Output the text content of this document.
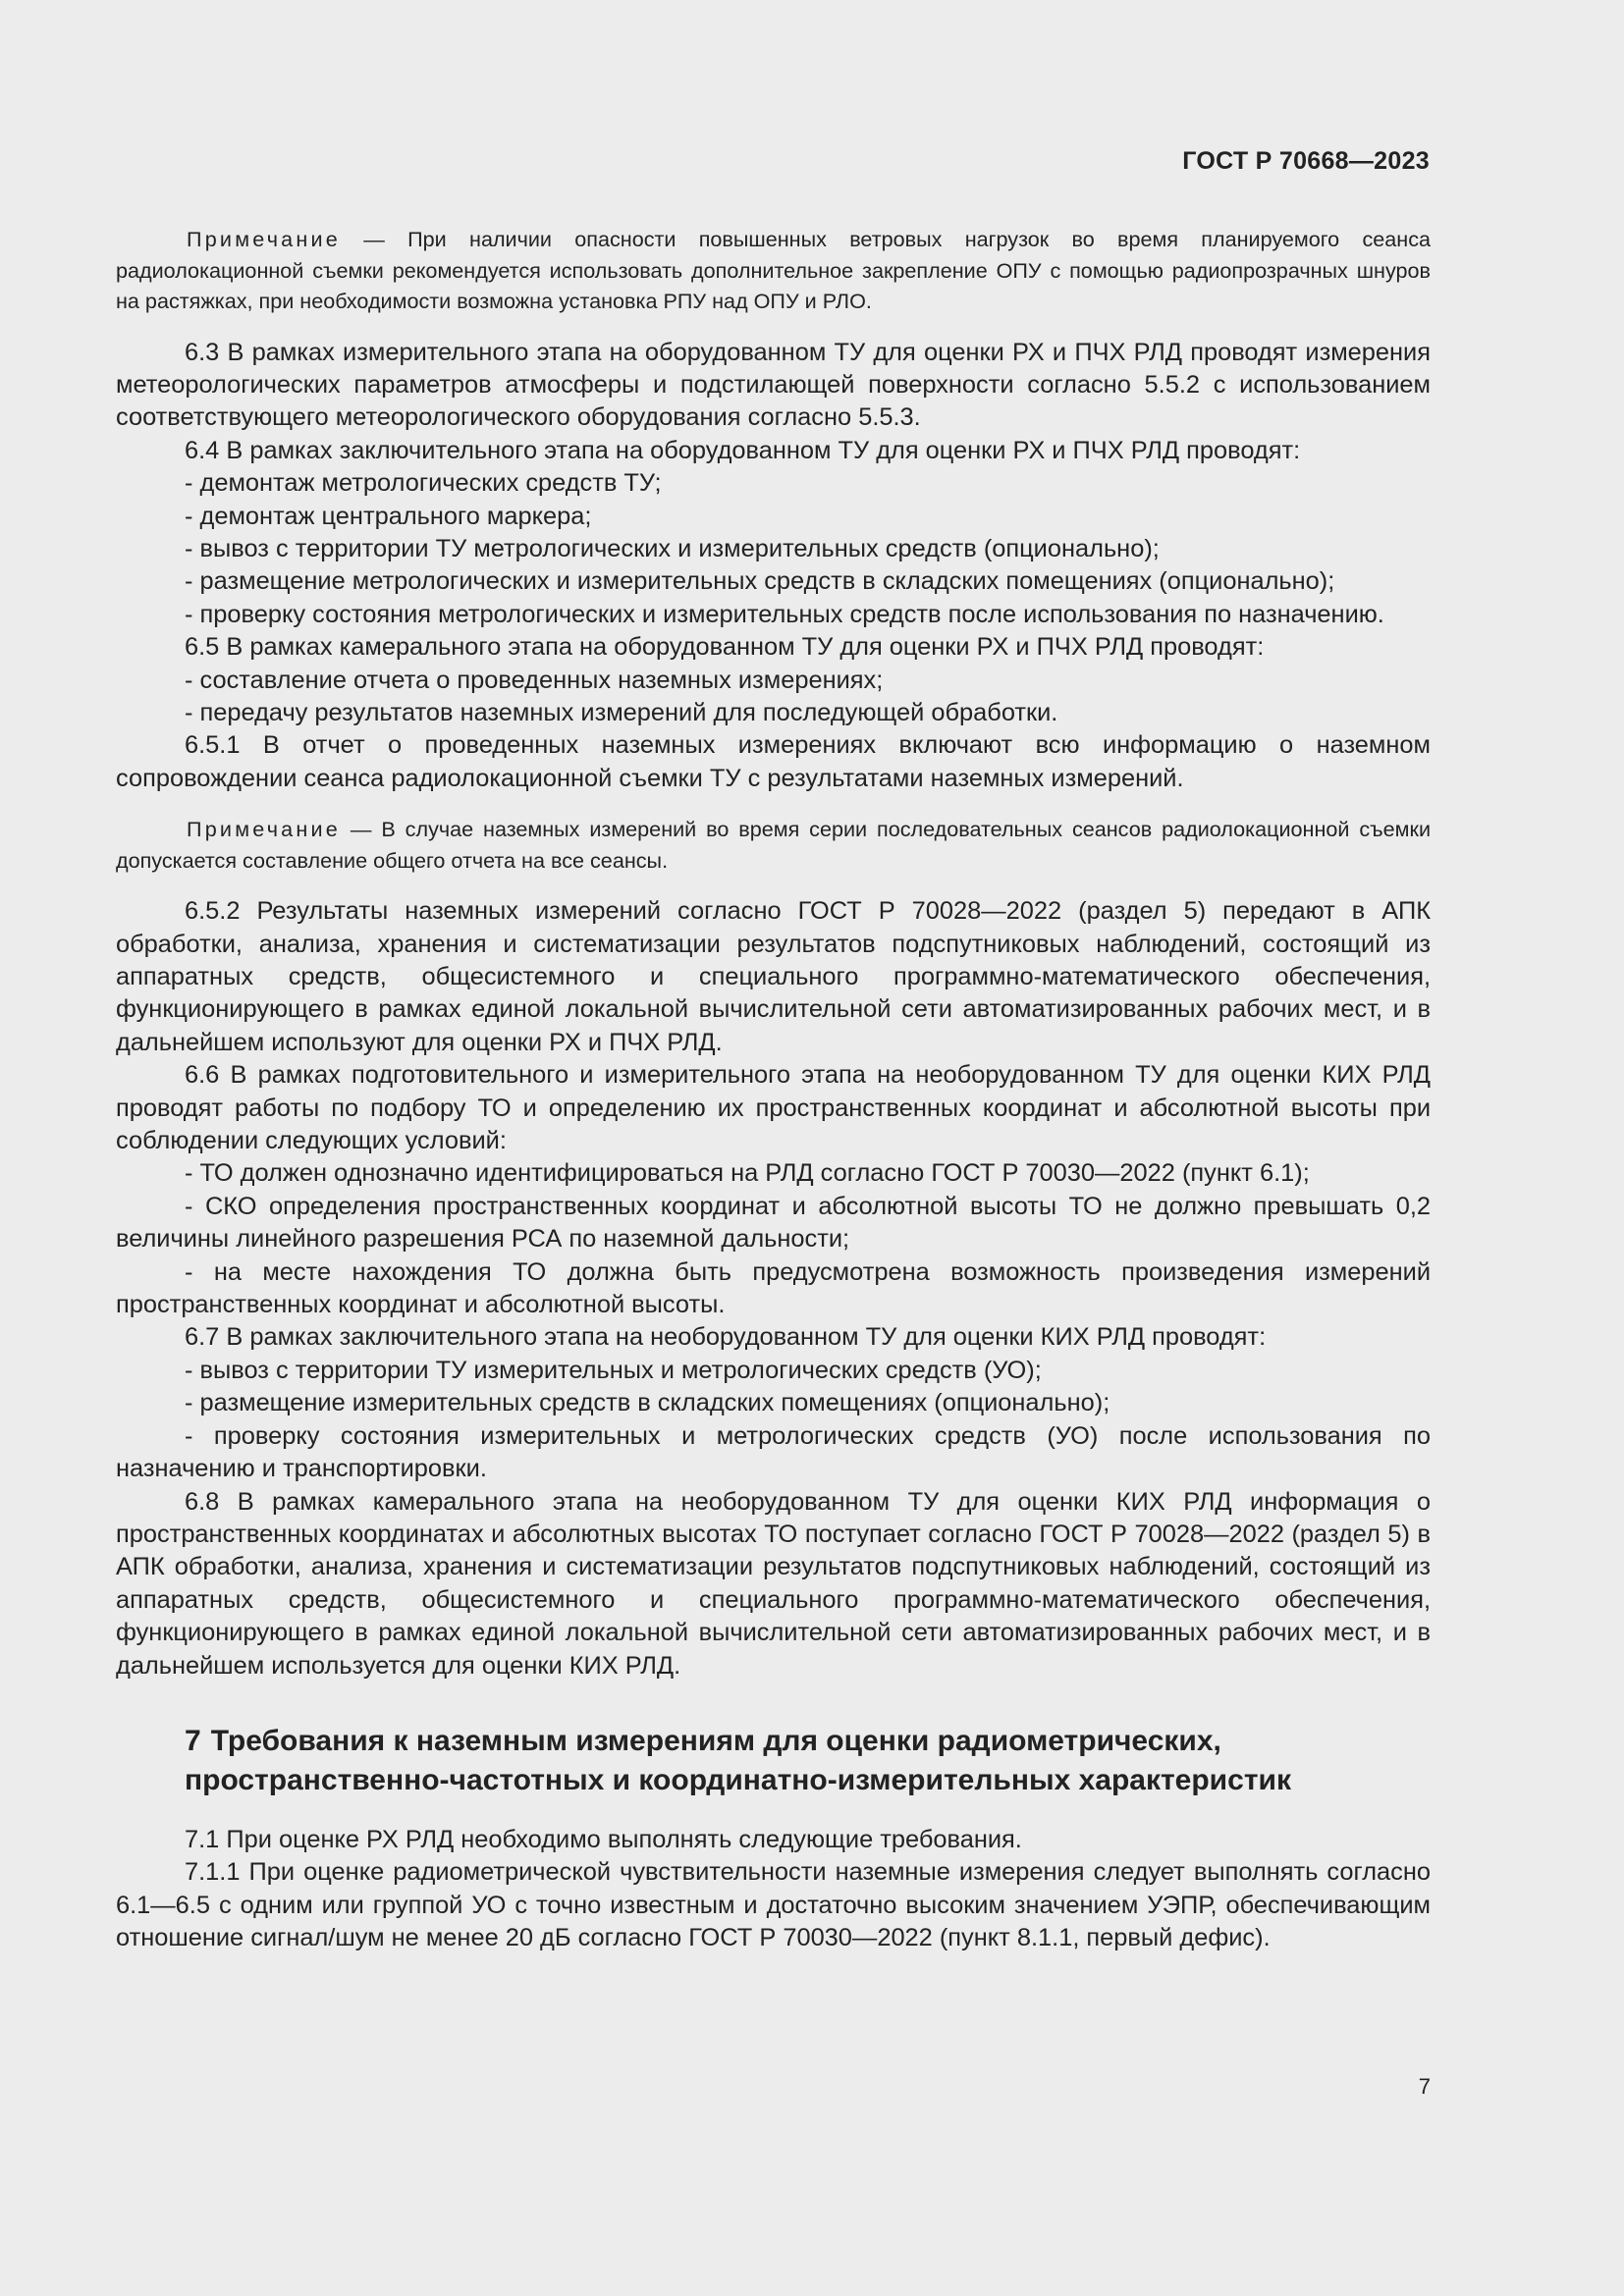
ГОСТ Р 70668—2023

Примечание — При наличии опасности повышенных ветровых нагрузок во время планируемого сеанса радиолокационной съемки рекомендуется использовать дополнительное закрепление ОПУ с помощью радиопрозрачных шнуров на растяжках, при необходимости возможна установка РПУ над ОПУ и РЛО.

6.3 В рамках измерительного этапа на оборудованном ТУ для оценки РХ и ПЧХ РЛД проводят измерения метеорологических параметров атмосферы и подстилающей поверхности согласно 5.5.2 с использованием соответствующего метеорологического оборудования согласно 5.5.3.

6.4 В рамках заключительного этапа на оборудованном ТУ для оценки РХ и ПЧХ РЛД проводят:

- демонтаж метрологических средств ТУ;

- демонтаж центрального маркера;

- вывоз с территории ТУ метрологических и измерительных средств (опционально);

- размещение метрологических и измерительных средств в складских помещениях (опционально);

- проверку состояния метрологических и измерительных средств после использования по назначению.

6.5 В рамках камерального этапа на оборудованном ТУ для оценки РХ и ПЧХ РЛД проводят:

- составление отчета о проведенных наземных измерениях;

- передачу результатов наземных измерений для последующей обработки.

6.5.1 В отчет о проведенных наземных измерениях включают всю информацию о наземном сопровождении сеанса радиолокационной съемки ТУ с результатами наземных измерений.

Примечание — В случае наземных измерений во время серии последовательных сеансов радиолокационной съемки допускается составление общего отчета на все сеансы.

6.5.2 Результаты наземных измерений согласно ГОСТ Р 70028—2022 (раздел 5) передают в АПК обработки, анализа, хранения и систематизации результатов подспутниковых наблюдений, состоящий из аппаратных средств, общесистемного и специального программно-математического обеспечения, функционирующего в рамках единой локальной вычислительной сети автоматизированных рабочих мест, и в дальнейшем используют для оценки РХ и ПЧХ РЛД.

6.6 В рамках подготовительного и измерительного этапа на необорудованном ТУ для оценки КИХ РЛД проводят работы по подбору ТО и определению их пространственных координат и абсолютной высоты при соблюдении следующих условий:

- ТО должен однозначно идентифицироваться на РЛД согласно ГОСТ Р 70030—2022 (пункт 6.1);

- СКО определения пространственных координат и абсолютной высоты ТО не должно превышать 0,2 величины линейного разрешения РСА по наземной дальности;

- на месте нахождения ТО должна быть предусмотрена возможность произведения измерений пространственных координат и абсолютной высоты.

6.7 В рамках заключительного этапа на необорудованном ТУ для оценки КИХ РЛД проводят:

- вывоз с территории ТУ измерительных и метрологических средств (УО);

- размещение измерительных средств в складских помещениях (опционально);

- проверку состояния измерительных и метрологических средств (УО) после использования по назначению и транспортировки.

6.8 В рамках камерального этапа на необорудованном ТУ для оценки КИХ РЛД информация о пространственных координатах и абсолютных высотах ТО поступает согласно ГОСТ Р 70028—2022 (раздел 5) в АПК обработки, анализа, хранения и систематизации результатов подспутниковых наблюдений, состоящий из аппаратных средств, общесистемного и специального программно-математического обеспечения, функционирующего в рамках единой локальной вычислительной сети автоматизированных рабочих мест, и в дальнейшем используется для оценки КИХ РЛД.

7 Требования к наземным измерениям для оценки радиометрических, пространственно-частотных и координатно-измерительных характеристик

7.1 При оценке РХ РЛД необходимо выполнять следующие требования.

7.1.1 При оценке радиометрической чувствительности наземные измерения следует выполнять согласно 6.1—6.5 с одним или группой УО с точно известным и достаточно высоким значением УЭПР, обеспечивающим отношение сигнал/шум не менее 20 дБ согласно ГОСТ Р 70030—2022 (пункт 8.1.1, первый дефис).

7
